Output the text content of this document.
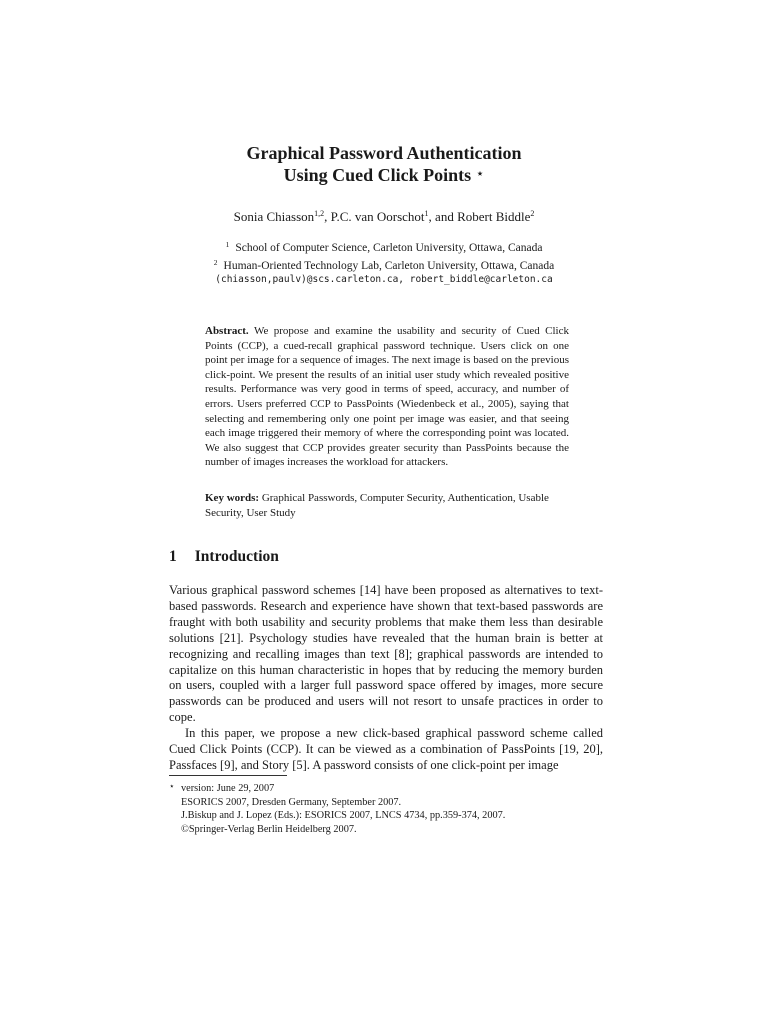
Graphical Password Authentication
Using Cued Click Points ⋆
Sonia Chiasson$^{1,2}$, P.C. van Oorschot$^1$, and Robert Biddle$^2$
$^1$ School of Computer Science, Carleton University, Ottawa, Canada
$^2$ Human-Oriented Technology Lab, Carleton University, Ottawa, Canada
(chiasson,paulv)@scs.carleton.ca, robert_biddle@carleton.ca
Abstract. We propose and examine the usability and security of Cued Click Points (CCP), a cued-recall graphical password technique. Users click on one point per image for a sequence of images. The next image is based on the previous click-point. We present the results of an initial user study which revealed positive results. Performance was very good in terms of speed, accuracy, and number of errors. Users preferred CCP to PassPoints (Wiedenbeck et al., 2005), saying that selecting and remembering only one point per image was easier, and that seeing each image triggered their memory of where the corresponding point was located. We also suggest that CCP provides greater security than PassPoints because the number of images increases the workload for attackers.
Key words: Graphical Passwords, Computer Security, Authentication, Usable Security, User Study
1 Introduction

Various graphical password schemes [14] have been proposed as alternatives to text-based passwords. Research and experience have shown that text-based passwords are fraught with both usability and security problems that make them less than desirable solutions [21]. Psychology studies have revealed that the human brain is better at recognizing and recalling images than text [8]; graphical passwords are intended to capitalize on this human characteristic in hopes that by reducing the memory burden on users, coupled with a larger full password space offered by images, more secure passwords can be produced and users will not resort to unsafe practices in order to cope.

In this paper, we propose a new click-based graphical password scheme called Cued Click Points (CCP). It can be viewed as a combination of PassPoints [19, 20], Passfaces [9], and Story [5]. A password consists of one click-point per image

⋆ version: June 29, 2007
ESORICS 2007, Dresden Germany, September 2007.
J.Biskup and J. Lopez (Eds.): ESORICS 2007, LNCS 4734, pp.359-374, 2007.
©Springer-Verlag Berlin Heidelberg 2007.
